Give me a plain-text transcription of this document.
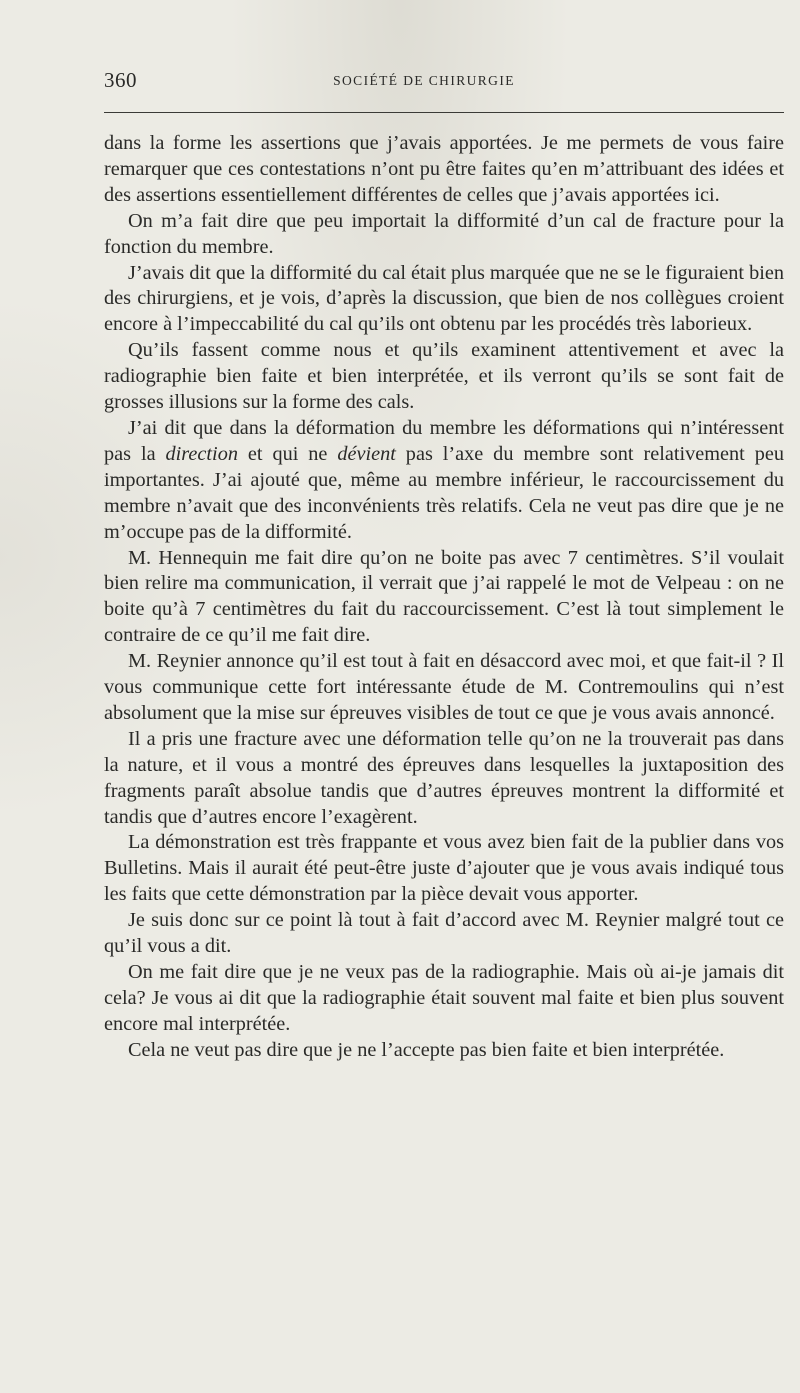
360	SOCIÉTÉ DE CHIRURGIE

dans la forme les assertions que j’avais apportées. Je me permets de vous faire remarquer que ces contestations n’ont pu être faites qu’en m’attribuant des idées et des assertions essentiellement différentes de celles que j’avais apportées ici.

On m’a fait dire que peu importait la difformité d’un cal de fracture pour la fonction du membre.

J’avais dit que la difformité du cal était plus marquée que ne se le figuraient bien des chirurgiens, et je vois, d’après la discussion, que bien de nos collègues croient encore à l’impeccabilité du cal qu’ils ont obtenu par les procédés très laborieux.

Qu’ils fassent comme nous et qu’ils examinent attentivement et avec la radiographie bien faite et bien interprétée, et ils verront qu’ils se sont fait de grosses illusions sur la forme des cals.

J’ai dit que dans la déformation du membre les déformations qui n’intéressent pas la direction et qui ne dévient pas l’axe du membre sont relativement peu importantes. J’ai ajouté que, même au membre inférieur, le raccourcissement du membre n’avait que des inconvénients très relatifs. Cela ne veut pas dire que je ne m’occupe pas de la difformité.

M. Hennequin me fait dire qu’on ne boite pas avec 7 centimètres. S’il voulait bien relire ma communication, il verrait que j’ai rappelé le mot de Velpeau : on ne boite qu’à 7 centimètres du fait du raccourcissement. C’est là tout simplement le contraire de ce qu’il me fait dire.

M. Reynier annonce qu’il est tout à fait en désaccord avec moi, et que fait-il ? Il vous communique cette fort intéressante étude de M. Contremoulins qui n’est absolument que la mise sur épreuves visibles de tout ce que je vous avais annoncé.

Il a pris une fracture avec une déformation telle qu’on ne la trouverait pas dans la nature, et il vous a montré des épreuves dans lesquelles la juxtaposition des fragments paraît absolue tandis que d’autres épreuves montrent la difformité et tandis que d’autres encore l’exagèrent.

La démonstration est très frappante et vous avez bien fait de la publier dans vos Bulletins. Mais il aurait été peut-être juste d’ajouter que je vous avais indiqué tous les faits que cette démonstration par la pièce devait vous apporter.

Je suis donc sur ce point là tout à fait d’accord avec M. Reynier malgré tout ce qu’il vous a dit.

On me fait dire que je ne veux pas de la radiographie. Mais où ai-je jamais dit cela? Je vous ai dit que la radiographie était souvent mal faite et bien plus souvent encore mal interprétée.

Cela ne veut pas dire que je ne l’accepte pas bien faite et bien interprétée.
